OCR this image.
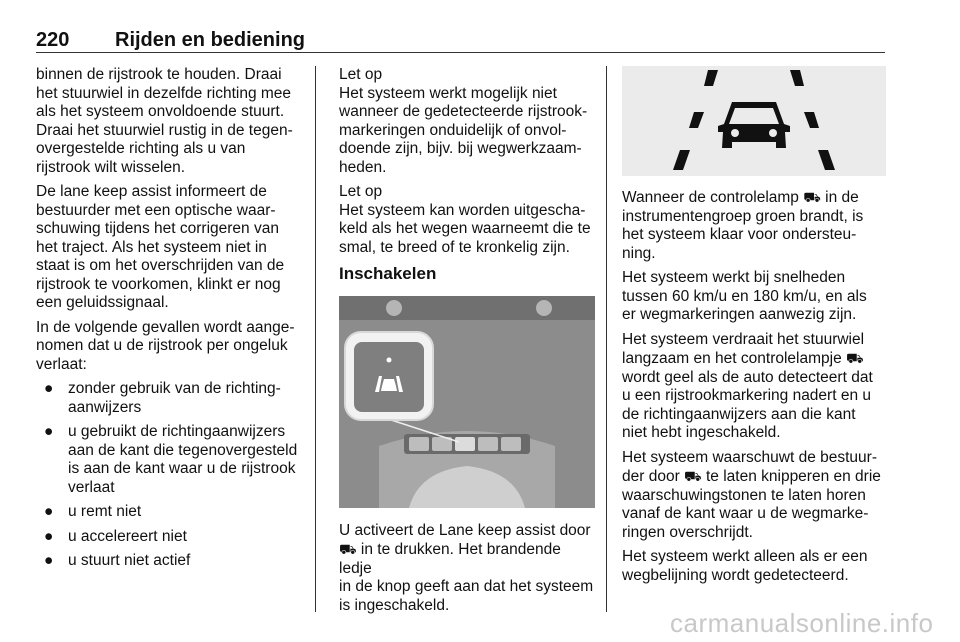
220 Rijden en bediening

binnen de rijstrook te houden. Draai
het stuurwiel in dezelfde richting mee
als het systeem onvoldoende stuurt.
Draai het stuurwiel rustig in de tegen-
overgestelde richting als u van
rijstrook wilt wisselen.

De lane keep assist informeert de
bestuurder met een optische waar-
schuwing tijdens het corrigeren van
het traject. Als het systeem niet in
staat is om het overschrijden van de
rijstrook te voorkomen, klinkt er nog
een geluidssignaal.

In de volgende gevallen wordt aange-
nomen dat u de rijstrook per ongeluk
verlaat:

● zonder gebruik van de richting-
aanwijzers
● u gebruikt de richtingaanwijzers
aan de kant die tegenovergesteld
is aan de kant waar u de rijstrook
verlaat
● u remt niet
● u accelereert niet
● u stuurt niet actief
Let op

Het systeem werkt mogelijk niet
wanneer de gedetecteerde rijstrook-
markeringen onduidelijk of onvol-
doende zijn, bijv. bij wegwerkzaam-
heden.

Let op

Het systeem kan worden uitgescha-
keld als het wegen waarneemt die te
smal, te breed of te kronkelig zijn.

Inschakelen

U activeert de Lane keep assist door
⛟ in te drukken. Het brandende ledje
in de knop geeft aan dat het systeem
is ingeschakeld.

Wanneer de controlelamp ⛟ in de
instrumentengroep groen brandt, is
het systeem klaar voor ondersteu-
ning.

Het systeem werkt bij snelheden
tussen 60 km/u en 180 km/u, en als
er wegmarkeringen aanwezig zijn.

Het systeem verdraait het stuurwiel
langzaam en het controlelampje ⛟
wordt geel als de auto detecteert dat
u een rijstrookmarkering nadert en u
de richtingaanwijzers aan die kant
niet hebt ingeschakeld.

Het systeem waarschuwt de bestuur-
der door ⛟ te laten knipperen en drie
waarschuwingstonen te laten horen
vanaf de kant waar u de wegmarke-
ringen overschrijdt.

Het systeem werkt alleen als er een
wegbelijning wordt gedetecteerd.

carmanualsonline.info
